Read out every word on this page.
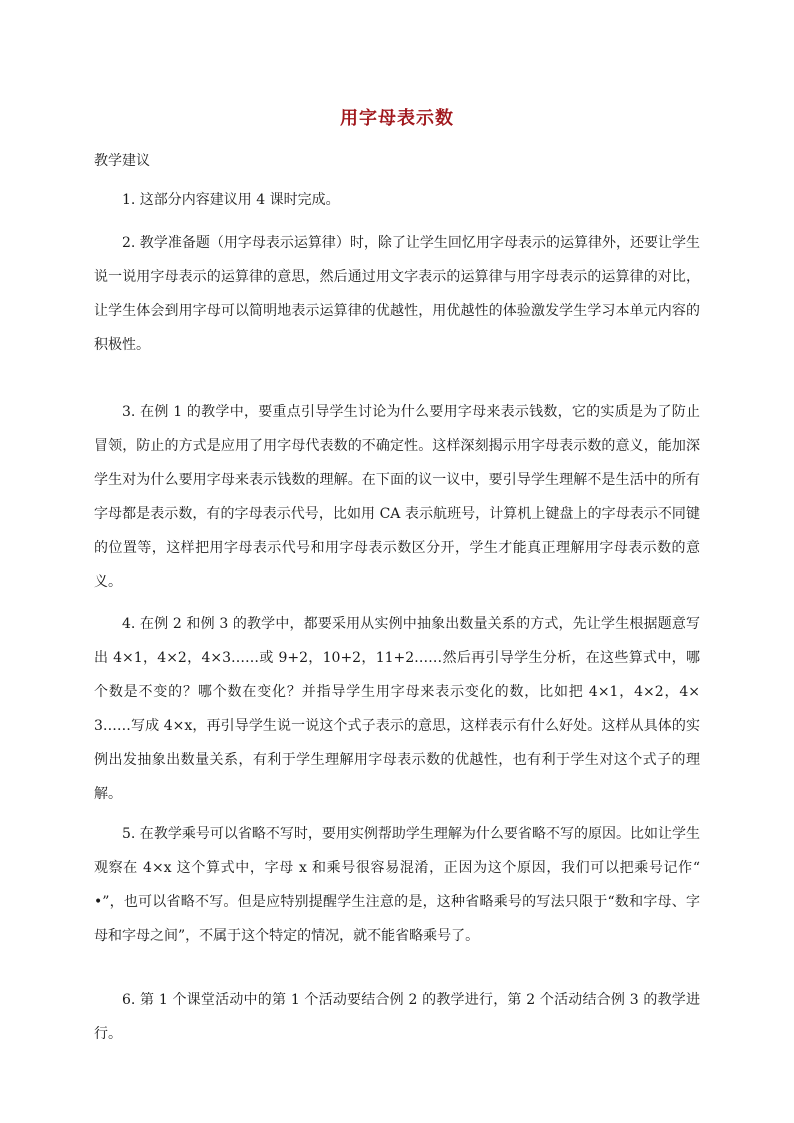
用字母表示数
教学建议
1. 这部分内容建议用 4 课时完成。
2. 教学准备题（用字母表示运算律）时，除了让学生回忆用字母表示的运算律外，还要让学生说一说用字母表示的运算律的意思，然后通过用文字表示的运算律与用字母表示的运算律的对比，让学生体会到用字母可以简明地表示运算律的优越性，用优越性的体验激发学生学习本单元内容的积极性。
3. 在例 1 的教学中，要重点引导学生讨论为什么要用字母来表示钱数，它的实质是为了防止冒领，防止的方式是应用了用字母代表数的不确定性。这样深刻揭示用字母表示数的意义，能加深学生对为什么要用字母来表示钱数的理解。在下面的议一议中，要引导学生理解不是生活中的所有字母都是表示数，有的字母表示代号，比如用 CA 表示航班号，计算机上键盘上的字母表示不同键的位置等，这样把用字母表示代号和用字母表示数区分开，学生才能真正理解用字母表示数的意义。
4. 在例 2 和例 3 的教学中，都要采用从实例中抽象出数量关系的方式，先让学生根据题意写出 4×1，4×2，4×3……或 9+2，10+2，11+2……然后再引导学生分析，在这些算式中，哪个数是不变的？哪个数在变化？并指导学生用字母来表示变化的数，比如把 4×1，4×2，4×3……写成 4×x，再引导学生说一说这个式子表示的意思，这样表示有什么好处。这样从具体的实例出发抽象出数量关系，有利于学生理解用字母表示数的优越性，也有利于学生对这个式子的理解。
5. 在教学乘号可以省略不写时，要用实例帮助学生理解为什么要省略不写的原因。比如让学生观察在 4×x 这个算式中，字母 x 和乘号很容易混淆，正因为这个原因，我们可以把乘号记作“ •”，也可以省略不写。但是应特别提醒学生注意的是，这种省略乘号的写法只限于“数和字母、字母和字母之间”，不属于这个特定的情况，就不能省略乘号了。
6. 第 1 个课堂活动中的第 1 个活动要结合例 2 的教学进行，第 2 个活动结合例 3 的教学进行。
